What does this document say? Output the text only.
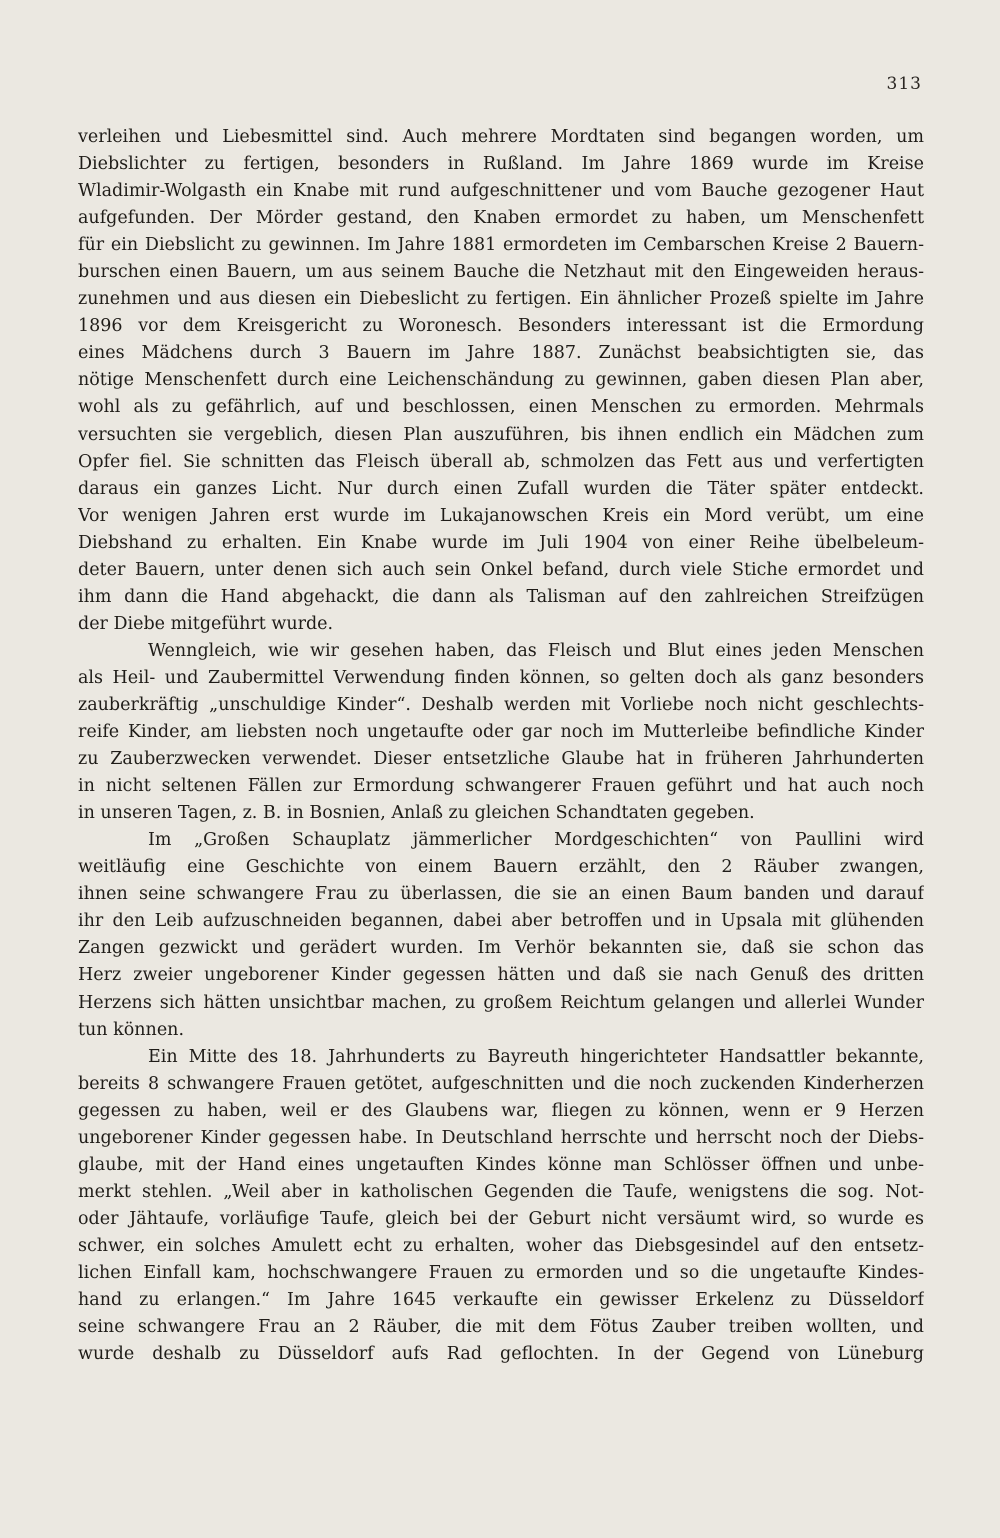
313
verleihen und Liebesmittel sind. Auch mehrere Mordtaten sind begangen worden, um
Diebslichter zu fertigen, besonders in Rußland. Im Jahre 1869 wurde im Kreise
Wladimir-Wolgasth ein Knabe mit rund aufgeschnittener und vom Bauche gezogener Haut
aufgefunden. Der Mörder gestand, den Knaben ermordet zu haben, um Menschenfett
für ein Diebslicht zu gewinnen. Im Jahre 1881 ermordeten im Cembarschen Kreise 2 Bauern-
burschen einen Bauern, um aus seinem Bauche die Netzhaut mit den Eingeweiden heraus-
zunehmen und aus diesen ein Diebeslicht zu fertigen. Ein ähnlicher Prozeß spielte im Jahre
1896 vor dem Kreisgericht zu Woronesch. Besonders interessant ist die Ermordung
eines Mädchens durch 3 Bauern im Jahre 1887. Zunächst beabsichtigten sie, das
nötige Menschenfett durch eine Leichenschändung zu gewinnen, gaben diesen Plan aber,
wohl als zu gefährlich, auf und beschlossen, einen Menschen zu ermorden. Mehrmals
versuchten sie vergeblich, diesen Plan auszuführen, bis ihnen endlich ein Mädchen zum
Opfer fiel. Sie schnitten das Fleisch überall ab, schmolzen das Fett aus und verfertigten
daraus ein ganzes Licht. Nur durch einen Zufall wurden die Täter später entdeckt.
Vor wenigen Jahren erst wurde im Lukajanowschen Kreis ein Mord verübt, um eine
Diebshand zu erhalten. Ein Knabe wurde im Juli 1904 von einer Reihe übelbeleum-
deter Bauern, unter denen sich auch sein Onkel befand, durch viele Stiche ermordet und
ihm dann die Hand abgehackt, die dann als Talisman auf den zahlreichen Streifzügen
der Diebe mitgeführt wurde.
Wenngleich, wie wir gesehen haben, das Fleisch und Blut eines jeden Menschen
als Heil- und Zaubermittel Verwendung finden können, so gelten doch als ganz besonders
zauberkräftig „unschuldige Kinder“. Deshalb werden mit Vorliebe noch nicht geschlechts-
reife Kinder, am liebsten noch ungetaufte oder gar noch im Mutterleibe befindliche Kinder
zu Zauberzwecken verwendet. Dieser entsetzliche Glaube hat in früheren Jahrhunderten
in nicht seltenen Fällen zur Ermordung schwangerer Frauen geführt und hat auch noch
in unseren Tagen, z. B. in Bosnien, Anlaß zu gleichen Schandtaten gegeben.
Im „Großen Schauplatz jämmerlicher Mordgeschichten“ von Paullini wird
weitläufig eine Geschichte von einem Bauern erzählt, den 2 Räuber zwangen,
ihnen seine schwangere Frau zu überlassen, die sie an einen Baum banden und darauf
ihr den Leib aufzuschneiden begannen, dabei aber betroffen und in Upsala mit glühenden
Zangen gezwickt und gerädert wurden. Im Verhör bekannten sie, daß sie schon das
Herz zweier ungeborener Kinder gegessen hätten und daß sie nach Genuß des dritten
Herzens sich hätten unsichtbar machen, zu großem Reichtum gelangen und allerlei Wunder
tun können.
Ein Mitte des 18. Jahrhunderts zu Bayreuth hingerichteter Handsattler bekannte,
bereits 8 schwangere Frauen getötet, aufgeschnitten und die noch zuckenden Kinderherzen
gegessen zu haben, weil er des Glaubens war, fliegen zu können, wenn er 9 Herzen
ungeborener Kinder gegessen habe. In Deutschland herrschte und herrscht noch der Diebs-
glaube, mit der Hand eines ungetauften Kindes könne man Schlösser öffnen und unbe-
merkt stehlen. „Weil aber in katholischen Gegenden die Taufe, wenigstens die sog. Not-
oder Jähtaufe, vorläufige Taufe, gleich bei der Geburt nicht versäumt wird, so wurde es
schwer, ein solches Amulett echt zu erhalten, woher das Diebsgesindel auf den entsetz-
lichen Einfall kam, hochschwangere Frauen zu ermorden und so die ungetaufte Kindes-
hand zu erlangen.“ Im Jahre 1645 verkaufte ein gewisser Erkelenz zu Düsseldorf
seine schwangere Frau an 2 Räuber, die mit dem Fötus Zauber treiben wollten, und
wurde deshalb zu Düsseldorf aufs Rad geflochten. In der Gegend von Lüneburg
